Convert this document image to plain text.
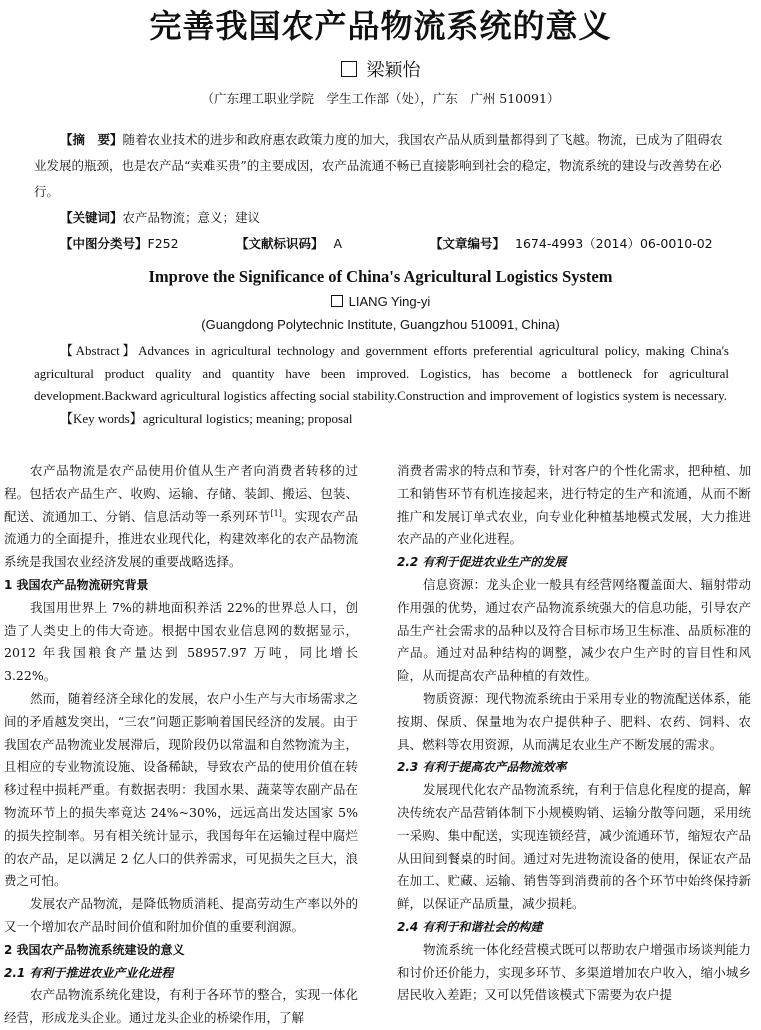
完善我国农产品物流系统的意义
梁颖怡
（广东理工职业学院　学生工作部（处），广东　广州 510091）

【摘　要】随着农业技术的进步和政府惠农政策力度的加大，我国农产品从质到量都得到了飞越。物流，已成为了阻碍农业发展的瓶颈，也是农产品“卖难买贵”的主要成因，农产品流通不畅已直接影响到社会的稳定，物流系统的建设与改善势在必行。

【关键词】农产品物流；意义；建议

【中图分类号】F252	【文献标识码】 A	【文章编号】 1674-4993（2014）06-0010-02

Improve the Significance of China's Agricultural Logistics System
LIANG Ying-yi
(Guangdong Polytechnic Institute, Guangzhou 510091, China)

【Abstract】Advances in agricultural technology and government efforts preferential agricultural policy, making China's agricultural product quality and quantity have been improved. Logistics, has become a bottleneck for agricultural development.Backward agricultural logistics affecting social stability.Construction and improvement of logistics system is necessary.

【Key words】agricultural logistics; meaning; proposal

农产品物流是农产品使用价值从生产者向消费者转移的过程。包括农产品生产、收购、运输、存储、装卸、搬运、包装、配送、流通加工、分销、信息活动等一系列环节[1]。实现农产品流通力的全面提升，推进农业现代化，构建效率化的农产品物流系统是我国农业经济发展的重要战略选择。

1 我国农产品物流研究背景

我国用世界上 7%的耕地面积养活 22%的世界总人口，创造了人类史上的伟大奇迹。根据中国农业信息网的数据显示，2012 年我国粮食产量达到 58957.97 万吨，同比增长 3.22%。

然而，随着经济全球化的发展，农户小生产与大市场需求之间的矛盾越发突出，“三农”问题正影响着国民经济的发展。由于我国农产品物流业发展滞后，现阶段仍以常温和自然物流为主，且相应的专业物流设施、设备稀缺，导致农产品的使用价值在转移过程中损耗严重。有数据表明：我国水果、蔬菜等农副产品在物流环节上的损失率竟达 24%~30%，远远高出发达国家 5%的损失控制率。另有相关统计显示，我国每年在运输过程中腐烂的农产品，足以满足 2 亿人口的供养需求，可见损失之巨大，浪费之可怕。

发展农产品物流，是降低物质消耗、提高劳动生产率以外的又一个增加农产品时间价值和附加价值的重要利润源。

2 我国农产品物流系统建设的意义

2.1 有利于推进农业产业化进程

农产品物流系统化建设，有利于各环节的整合，实现一体化经营，形成龙头企业。通过龙头企业的桥梁作用，了解

消费者需求的特点和节奏，针对客户的个性化需求，把种植、加工和销售环节有机连接起来，进行特定的生产和流通，从而不断推广和发展订单式农业，向专业化种植基地模式发展，大力推进农产品的产业化进程。

2.2 有利于促进农业生产的发展

信息资源：龙头企业一般具有经营网络覆盖面大、辐射带动作用强的优势，通过农产品物流系统强大的信息功能，引导农产品生产社会需求的品种以及符合目标市场卫生标准、品质标准的产品。通过对品种结构的调整，减少农户生产时的盲目性和风险，从而提高农产品种植的有效性。

物质资源：现代物流系统由于采用专业的物流配送体系，能按期、保质、保量地为农户提供种子、肥料、农药、饲料、农具、燃料等农用资源，从而满足农业生产不断发展的需求。

2.3 有利于提高农产品物流效率

发展现代化农产品物流系统，有利于信息化程度的提高，解决传统农产品营销体制下小规模购销、运输分散等问题，采用统一采购、集中配送，实现连锁经营，减少流通环节，缩短农产品从田间到餐桌的时间。通过对先进物流设备的使用，保证农产品在加工、贮藏、运输、销售等到消费前的各个环节中始终保持新鲜，以保证产品质量，减少损耗。

2.4 有利于和谐社会的构建

物流系统一体化经营模式既可以帮助农户增强市场谈判能力和讨价还价能力，实现多环节、多渠道增加农户收入，缩小城乡居民收入差距；又可以凭借该模式下需要为农户提
